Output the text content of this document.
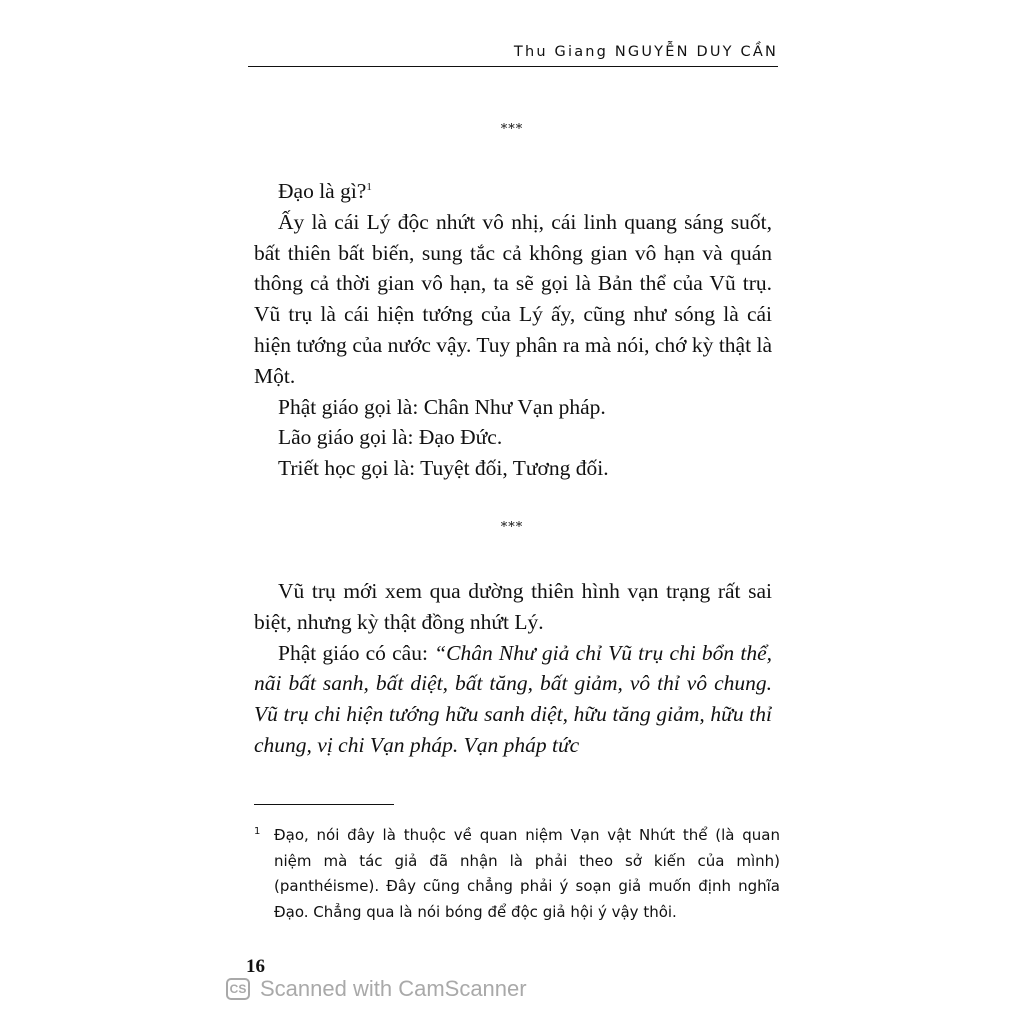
Thu Giang NGUYỄN DUY CẦN
***

Đạo là gì?$^1$

Ấy là cái Lý độc nhứt vô nhị, cái linh quang sáng suốt, bất thiên bất biến, sung tắc cả không gian vô hạn và quán thông cả thời gian vô hạn, ta sẽ gọi là Bản thể của Vũ trụ. Vũ trụ là cái hiện tướng của Lý ấy, cũng như sóng là cái hiện tướng của nước vậy. Tuy phân ra mà nói, chớ kỳ thật là Một.

Phật giáo gọi là: Chân Như Vạn pháp.

Lão giáo gọi là: Đạo Đức.

Triết học gọi là: Tuyệt đối, Tương đối.

***

Vũ trụ mới xem qua dường thiên hình vạn trạng rất sai biệt, nhưng kỳ thật đồng nhứt Lý.

Phật giáo có câu: “Chân Như giả chỉ Vũ trụ chi bổn thể, nãi bất sanh, bất diệt, bất tăng, bất giảm, vô thỉ vô chung. Vũ trụ chi hiện tướng hữu sanh diệt, hữu tăng giảm, hữu thỉ chung, vị chi Vạn pháp. Vạn pháp tức

1 Đạo, nói đây là thuộc về quan niệm Vạn vật Nhứt thể (là quan niệm mà tác giả đã nhận là phải theo sở kiến của mình) (panthéisme). Đây cũng chẳng phải ý soạn giả muốn định nghĩa Đạo. Chẳng qua là nói bóng để độc giả hội ý vậy thôi.
16
CS Scanned with CamScanner
